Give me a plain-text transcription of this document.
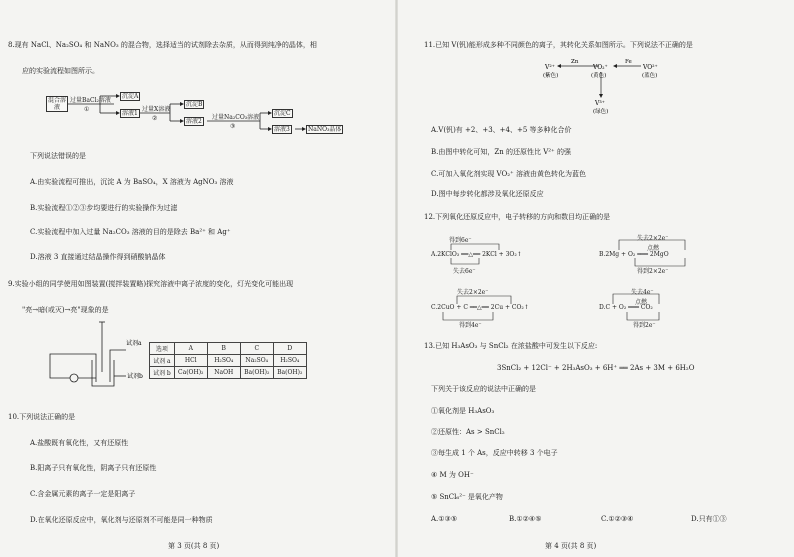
8.现有 NaCl、Na₂SO₄ 和 NaNO₃ 的混合物，选择适当的试剂除去杂质，从而得到纯净的晶体，相
应的实验流程如图所示。
混合溶液
过量BaCl₂溶液
①
沉淀A
溶液1
过量X溶液
②
沉淀B
溶液2
过量Na₂CO₃溶液
③
沉淀C
溶液3	NaNO₃晶体
下列说法错误的是
A.由实验流程可推出，沉淀 A 为 BaSO₄，X 溶液为 AgNO₃ 溶液
B.实验流程①②③步均要进行的实验操作为过滤
C.实验流程中加入过量 Na₂CO₃ 溶液的目的是除去 Ba²⁺ 和 Ag⁺
D.溶液 3 直接通过结晶操作得到硝酸钠晶体
9.实验小组的同学使用如图装置(搅拌装置略)探究溶液中离子浓度的变化，灯光变化可能出现
"亮→暗(或灭)→亮"现象的是
试剂a
试剂b
选项	A	B	C	D
试剂 a	HCl	H₂SO₄	Na₂SO₄	H₂SO₄
试剂 b	Ca(OH)₂	NaOH	Ba(OH)₂	Ba(OH)₂
10.下列说法正确的是
A.盐酸既有氧化性，又有还原性
B.阳离子只有氧化性，阴离子只有还原性
C.含金属元素的离子一定是阳离子
D.在氧化还原反应中，氧化剂与还原剂不可能是同一种物质
第 3 页(共 8 页)
11.已知 V(钒)能形成多种不同颜色的离子，其转化关系如图所示。下列说法不正确的是
V²⁺
(紫色)
Zn
VO₂⁺
(黄色)
Fe
VO²⁺
(蓝色)
V³⁺
(绿色)
A.V(钒)有 +2、+3、+4、+5 等多种化合价
B.由图中转化可知，Zn 的还原性比 V²⁺ 的强
C.可加入氧化剂实现 VO₂⁺ 溶液由黄色转化为蓝色
D.图中每步转化都涉及氧化还原反应
12.下列氧化还原反应中，电子转移的方向和数目均正确的是
得到6e⁻
A.2KClO₃ ══△══ 2KCl + 3O₂↑
失去6e⁻
失去2×2e⁻
点燃
B.2Mg + O₂ ═══ 2MgO
得到2×2e⁻
失去2×2e⁻
C.2CuO + C ══△══ 2Cu + CO₂↑
得到4e⁻
失去4e⁻
点燃
D.C + O₂ ═══ CO₂
得到2e⁻
13.已知 H₃AsO₃ 与 SnCl₂ 在浓盐酸中可发生以下反应:
3SnCl₂ + 12Cl⁻ + 2H₃AsO₃ + 6H⁺ ══ 2As + 3M + 6H₂O
下列关于该反应的说法中正确的是
①氧化剂是 H₃AsO₃
②还原性：As > SnCl₂
③每生成 1 个 As，反应中转移 3 个电子
④ M 为 OH⁻
⑤ SnCl₆²⁻ 是氧化产物
A.①③⑤	B.①②④⑤	C.①②③④	D.只有①③
第 4 页(共 8 页)
